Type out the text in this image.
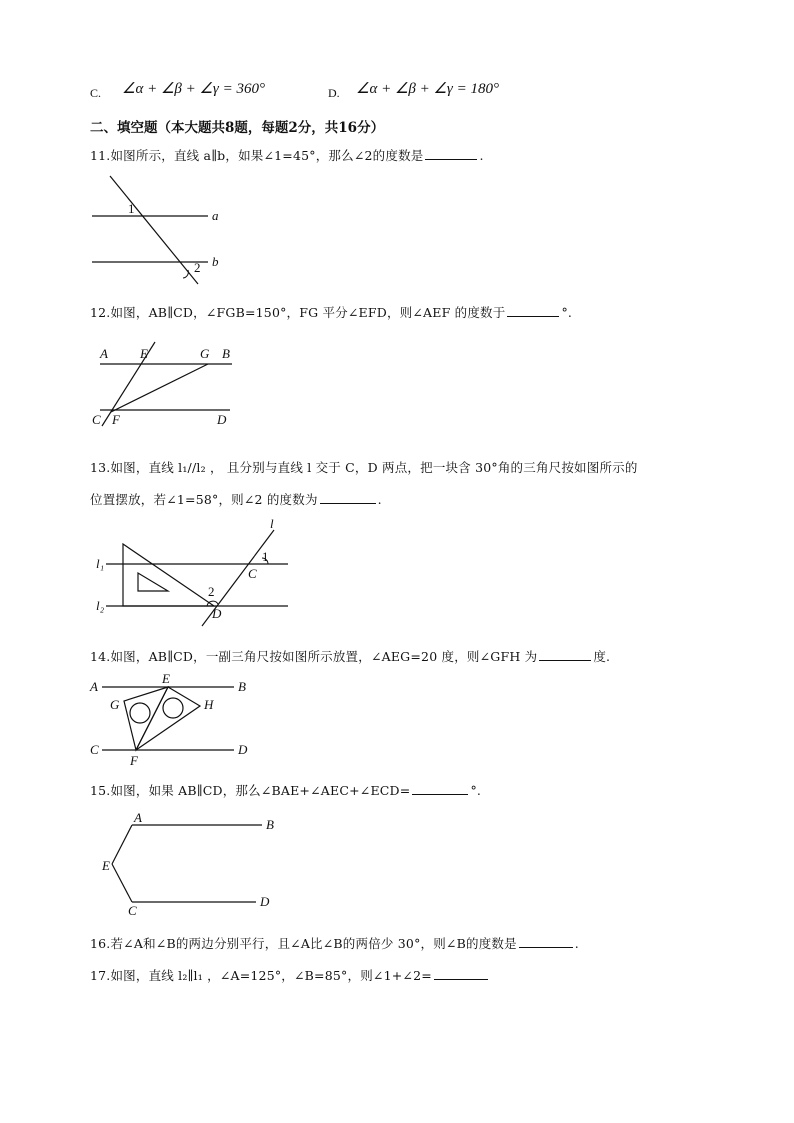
C. ∠α + ∠β + ∠γ = 360°	D. ∠α + ∠β + ∠γ = 180°
二、填空题（本大题共8题，每题2分，共16分）
11.如图所示，直线 a∥b，如果∠1=45°，那么∠2的度数是	.
1	a
2 b
12.如图，AB∥CD，∠FGB=150°，FG 平分∠EFD，则∠AEF 的度数于	°.
A E	G B
C F	D
13.如图，直线 l₁//l₂ ， 且分别与直线 l 交于 C，D 两点，把一块含 30°角的三角尺按如图所示的
位置摆放，若∠1=58°，则∠2 的度数为	.
l
l₁
l₂
1
C
2
D
14.如图，AB∥CD，一副三角尺按如图所示放置，∠AEG=20 度，则∠GFH 为	度.
A
E
B
G	H
C
F
D
15.如图，如果 AB∥CD，那么∠BAE+∠AEC+∠ECD=	°.
A	B
E
C
D
16.若∠A和∠B的两边分别平行，且∠A比∠B的两倍少 30°，则∠B的度数是	.
17.如图，直线 l₂∥l₁ ，∠A=125°，∠B=85°，则∠1+∠2=
